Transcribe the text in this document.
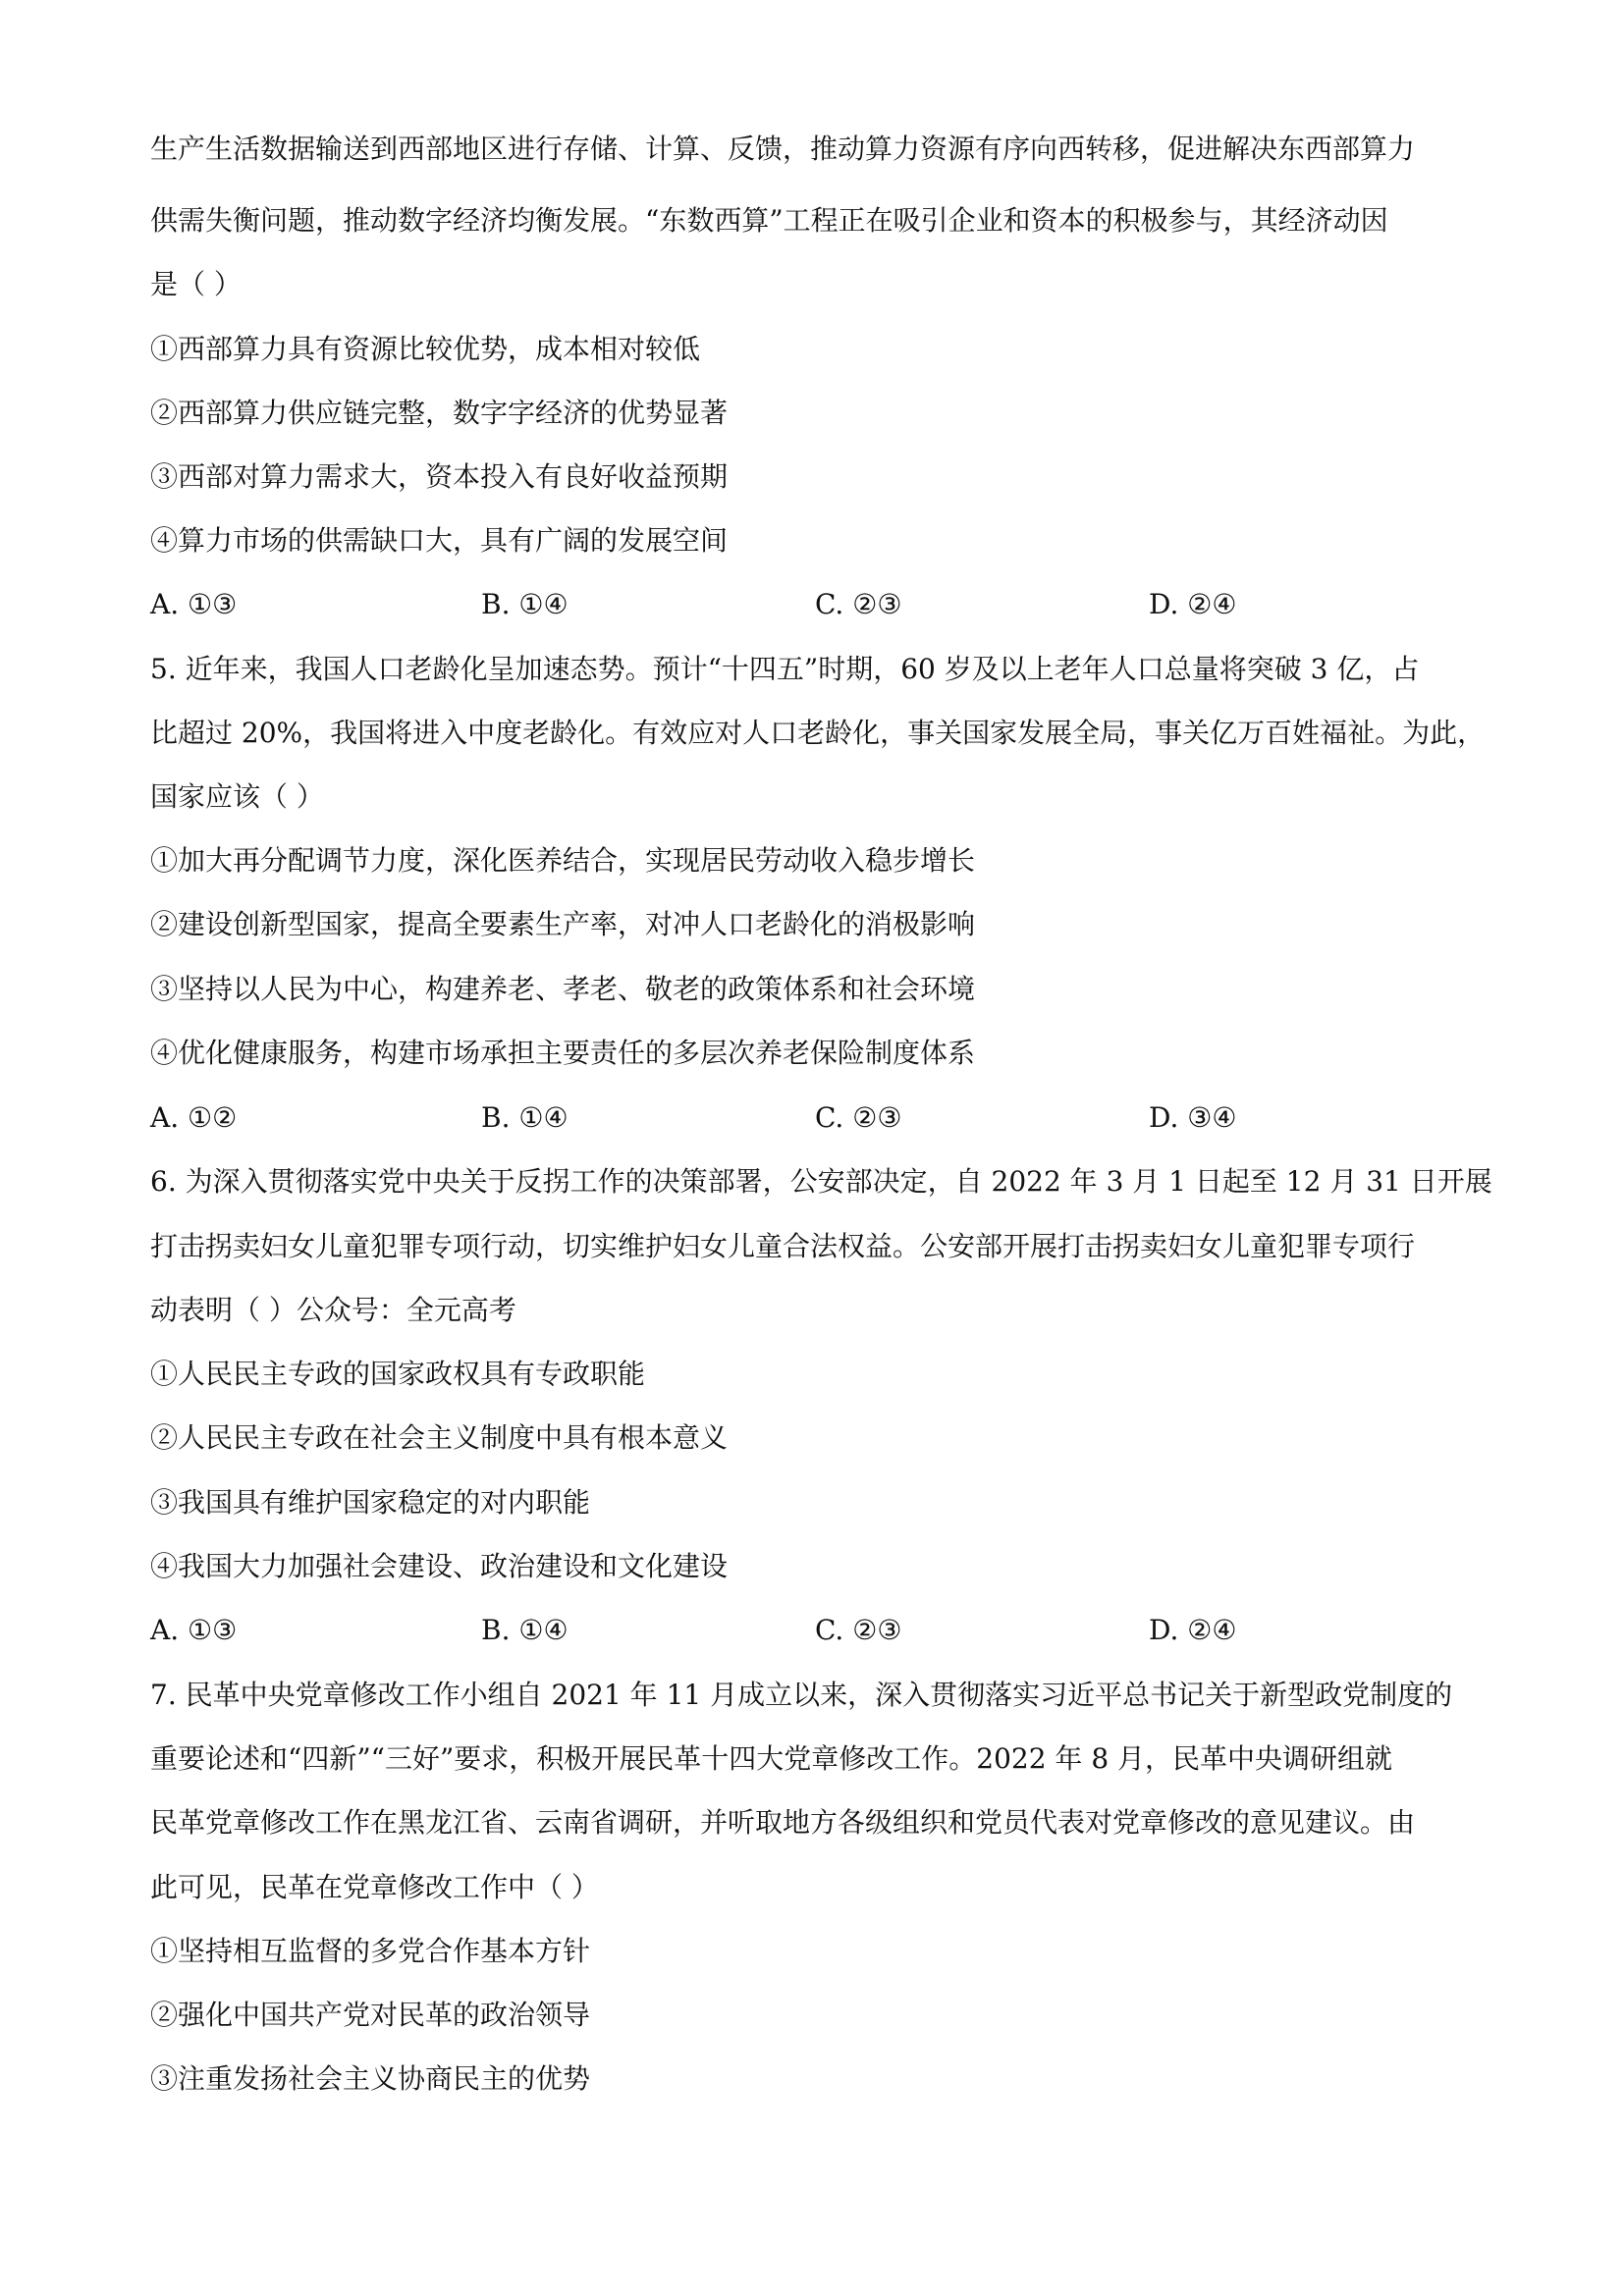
生产生活数据输送到西部地区进行存储、计算、反馈，推动算力资源有序向西转移，促进解决东西部算力
供需失衡问题，推动数字经济均衡发展。“东数西算”工程正在吸引企业和资本的积极参与，其经济动因
是（ ）
①西部算力具有资源比较优势，成本相对较低
②西部算力供应链完整，数字字经济的优势显著
③西部对算力需求大，资本投入有良好收益预期
④算力市场的供需缺口大，具有广阔的发展空间
A. ①③	B. ①④	C. ②③	D. ②④
5. 近年来，我国人口老龄化呈加速态势。预计“十四五”时期，60 岁及以上老年人口总量将突破 3 亿，占
比超过 20%，我国将进入中度老龄化。有效应对人口老龄化，事关国家发展全局，事关亿万百姓福祉。为此，
国家应该（ ）
①加大再分配调节力度，深化医养结合，实现居民劳动收入稳步增长
②建设创新型国家，提高全要素生产率，对冲人口老龄化的消极影响
③坚持以人民为中心，构建养老、孝老、敬老的政策体系和社会环境
④优化健康服务，构建市场承担主要责任的多层次养老保险制度体系
A. ①②	B. ①④	C. ②③	D. ③④
6. 为深入贯彻落实党中央关于反拐工作的决策部署，公安部决定，自 2022 年 3 月 1 日起至 12 月 31 日开展
打击拐卖妇女儿童犯罪专项行动，切实维护妇女儿童合法权益。公安部开展打击拐卖妇女儿童犯罪专项行
动表明（ ）公众号：全元高考
①人民民主专政的国家政权具有专政职能
②人民民主专政在社会主义制度中具有根本意义
③我国具有维护国家稳定的对内职能
④我国大力加强社会建设、政治建设和文化建设
A. ①③	B. ①④	C. ②③	D. ②④
7. 民革中央党章修改工作小组自 2021 年 11 月成立以来，深入贯彻落实习近平总书记关于新型政党制度的
重要论述和“四新”“三好”要求，积极开展民革十四大党章修改工作。2022 年 8 月，民革中央调研组就
民革党章修改工作在黑龙江省、云南省调研，并听取地方各级组织和党员代表对党章修改的意见建议。由
此可见，民革在党章修改工作中（ ）
①坚持相互监督的多党合作基本方针
②强化中国共产党对民革的政治领导
③注重发扬社会主义协商民主的优势
